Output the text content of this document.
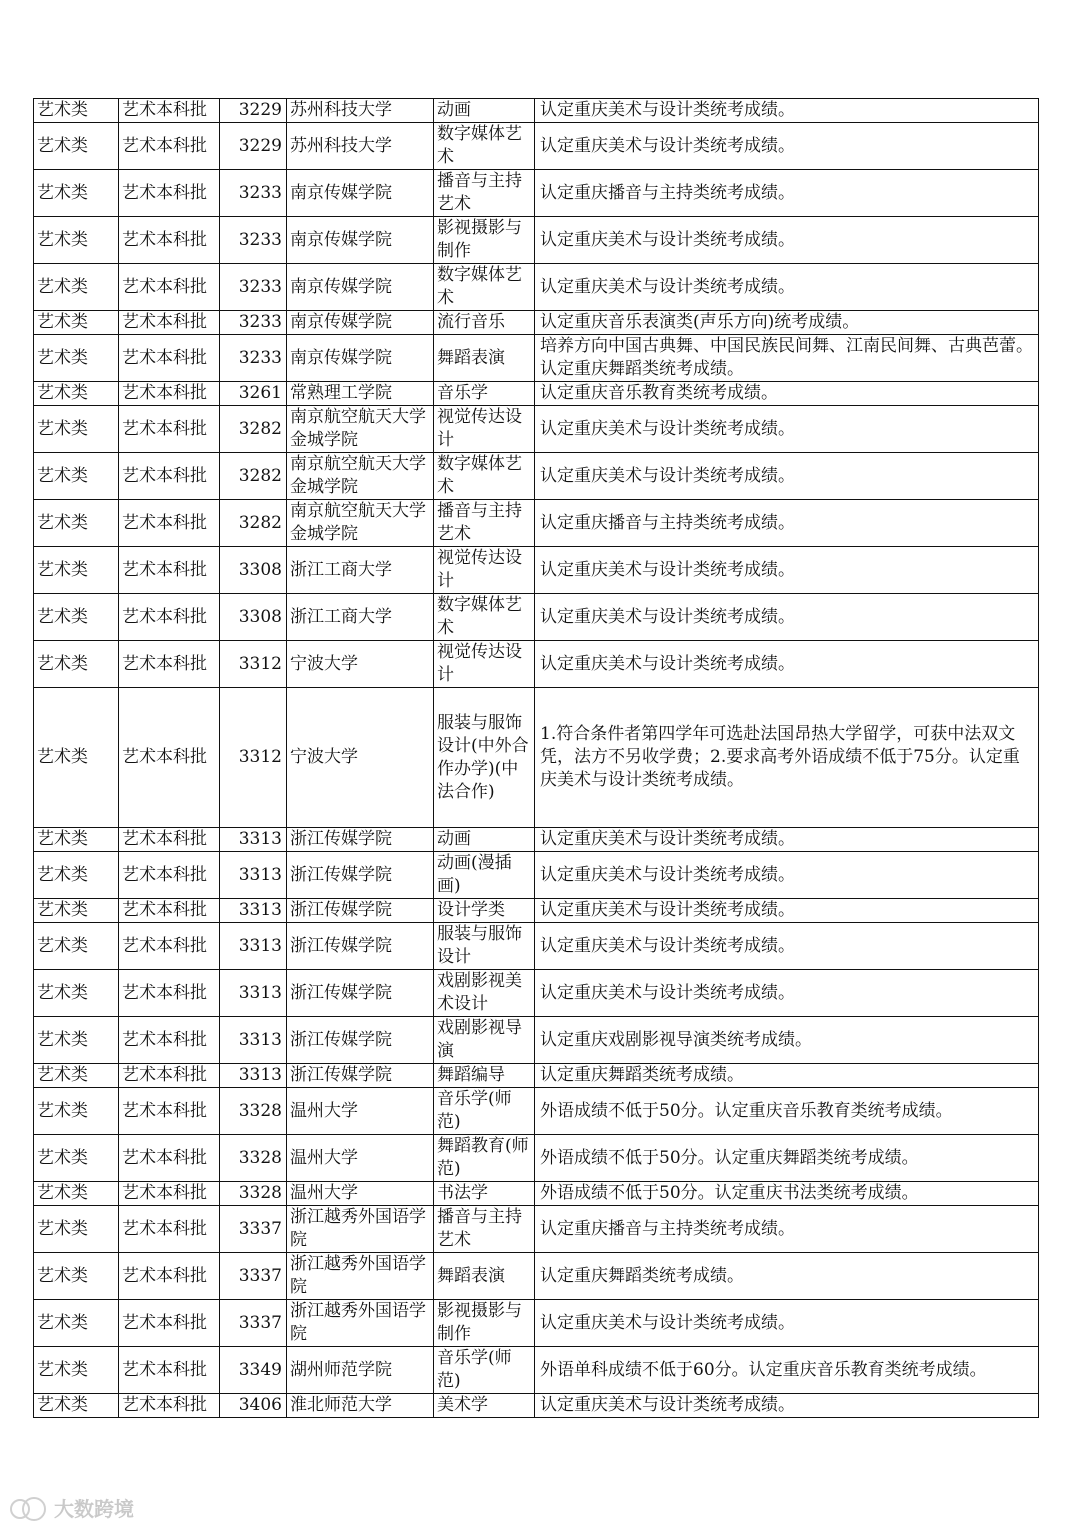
艺术类	艺术本科批	3229	苏州科技大学	动画	认定重庆美术与设计类统考成绩。
艺术类	艺术本科批	3229	苏州科技大学	数字媒体艺术	认定重庆美术与设计类统考成绩。
艺术类	艺术本科批	3233	南京传媒学院	播音与主持艺术	认定重庆播音与主持类统考成绩。
艺术类	艺术本科批	3233	南京传媒学院	影视摄影与制作	认定重庆美术与设计类统考成绩。
艺术类	艺术本科批	3233	南京传媒学院	数字媒体艺术	认定重庆美术与设计类统考成绩。
艺术类	艺术本科批	3233	南京传媒学院	流行音乐	认定重庆音乐表演类(声乐方向)统考成绩。
艺术类	艺术本科批	3233	南京传媒学院	舞蹈表演	培养方向中国古典舞、中国民族民间舞、江南民间舞、古典芭蕾。认定重庆舞蹈类统考成绩。
艺术类	艺术本科批	3261	常熟理工学院	音乐学	认定重庆音乐教育类统考成绩。
艺术类	艺术本科批	3282	南京航空航天大学金城学院	视觉传达设计	认定重庆美术与设计类统考成绩。
艺术类	艺术本科批	3282	南京航空航天大学金城学院	数字媒体艺术	认定重庆美术与设计类统考成绩。
艺术类	艺术本科批	3282	南京航空航天大学金城学院	播音与主持艺术	认定重庆播音与主持类统考成绩。
艺术类	艺术本科批	3308	浙江工商大学	视觉传达设计	认定重庆美术与设计类统考成绩。
艺术类	艺术本科批	3308	浙江工商大学	数字媒体艺术	认定重庆美术与设计类统考成绩。
艺术类	艺术本科批	3312	宁波大学	视觉传达设计	认定重庆美术与设计类统考成绩。
艺术类	艺术本科批	3312	宁波大学	服装与服饰设计(中外合作办学)(中法合作)	1.符合条件者第四学年可选赴法国昂热大学留学，可获中法双文凭，法方不另收学费；2.要求高考外语成绩不低于75分。认定重庆美术与设计类统考成绩。
艺术类	艺术本科批	3313	浙江传媒学院	动画	认定重庆美术与设计类统考成绩。
艺术类	艺术本科批	3313	浙江传媒学院	动画(漫插画)	认定重庆美术与设计类统考成绩。
艺术类	艺术本科批	3313	浙江传媒学院	设计学类	认定重庆美术与设计类统考成绩。
艺术类	艺术本科批	3313	浙江传媒学院	服装与服饰设计	认定重庆美术与设计类统考成绩。
艺术类	艺术本科批	3313	浙江传媒学院	戏剧影视美术设计	认定重庆美术与设计类统考成绩。
艺术类	艺术本科批	3313	浙江传媒学院	戏剧影视导演	认定重庆戏剧影视导演类统考成绩。
艺术类	艺术本科批	3313	浙江传媒学院	舞蹈编导	认定重庆舞蹈类统考成绩。
艺术类	艺术本科批	3328	温州大学	音乐学(师范)	外语成绩不低于50分。认定重庆音乐教育类统考成绩。
艺术类	艺术本科批	3328	温州大学	舞蹈教育(师范)	外语成绩不低于50分。认定重庆舞蹈类统考成绩。
艺术类	艺术本科批	3328	温州大学	书法学	外语成绩不低于50分。认定重庆书法类统考成绩。
艺术类	艺术本科批	3337	浙江越秀外国语学院	播音与主持艺术	认定重庆播音与主持类统考成绩。
艺术类	艺术本科批	3337	浙江越秀外国语学院	舞蹈表演	认定重庆舞蹈类统考成绩。
艺术类	艺术本科批	3337	浙江越秀外国语学院	影视摄影与制作	认定重庆美术与设计类统考成绩。
艺术类	艺术本科批	3349	湖州师范学院	音乐学(师范)	外语单科成绩不低于60分。认定重庆音乐教育类统考成绩。
艺术类	艺术本科批	3406	淮北师范大学	美术学	认定重庆美术与设计类统考成绩。
大数跨境
